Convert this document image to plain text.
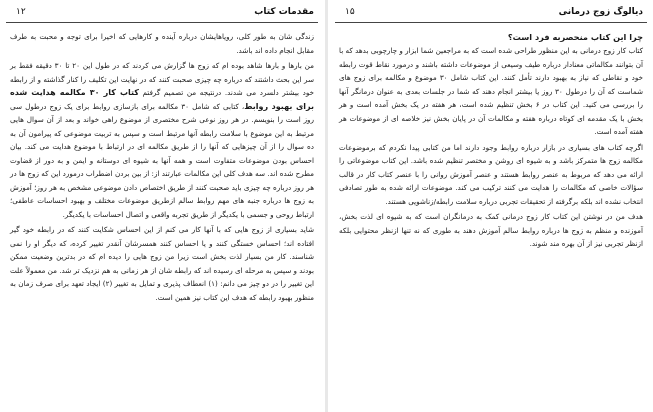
مقدمات کتاب
۱۲

زندگی شان به طور کلی، رویاهایشان درباره آینده و کارهایی که اخیرا برای توجه و محبت به طرف مقابل انجام داده اند باشد.

من بارها و بارها شاهد بوده ام که زوج ها گزارش می کردند که در طول این ۲۰ تا ۳۰ دقیقه فقط بر سر این بحث داشتند که درباره چه چیزی صحبت کنند که در نهایت این تکلیف را کنار گذاشته و از رابطه خود بیشتر دلسرد می شدند. درنتیجه من تصمیم گرفتم کتاب کار ۳۰ مکالمه هدایت شده برای بهبود روابط، کتابی که شامل ۳۰ مکالمه برای بازسازی روابط برای یک زوج درطول سی روز است را بنویسم. در هر روز نوعی شرح مختصری از موضوع راهی خواند و بعد از آن سوال هایی مرتبط به این موضوع با سلامت رابطه آنها مرتبط است و سپس به تربیت موضوعی که پیرامون آن به ده سوال را از آن چیزهایی که آنها را از طریق مکالمه ای در ارتباط با موضوع هدایت می کند. بیان احساس بودن موضوعات متفاوت است و همه آنها به شیوه ای دوستانه و ایمن و به دور از قضاوت مطرح شده اند. سه هدف کلی این مکالمات عبارتند از: از بین بردن اضطراب درمورد این که زوج ها در هر روز درباره چه چیزی باید صحبت کنند از طریق اختصاص دادن موضوعی مشخص به هر روز؛ آموزش به زوج ها درباره جنبه های مهم روابط سالم ازطریق موضوعات مختلف و بهبود احساسات عاطفی؛ ارتباط روحی و جسمی با یکدیگر از طریق تجربه واقعی و اتصال احساسات با یکدیگر.

شاید بسیاری از زوج هایی که با آنها کار می کنم از این احساس شکایت کنند که در رابطه خود گیر افتاده اند؛ احساس خستگی کنند و یا احساس کنند همسرشان آنقدر تغییر کرده، که دیگر او را نمی شناسند. کار من بسیار لذت بخش است زیرا من زوج هایی را دیده ام که در بدترین وضعیت ممکن بودند و سپس به مرحله ای رسیده اند که رابطه شان از هر زمانی به هم نزدیک تر شد. من معمولاً علت این تغییر را در دو چیز می دانم: (۱) انعطاف پذیری و تمایل به تغییر (۲) ایجاد تعهد برای صرف زمان به منظور بهبود رابطه که هدف این کتاب نیز همین است.

دیالوگ زوج درمانی
۱۵

چرا این کتاب منحصربه فرد است؟

کتاب کار زوج درمانی به این منظور طراحی شده است که به مراجعین شما ابزار و چارچوبی بدهد که با آن بتوانند مکالماتی معنادار درباره طیف وسیعی از موضوعات داشته باشند و درمورد نقاط قوت رابطه خود و نقاطی که نیاز به بهبود دارند تأمل کنند. این کتاب شامل ۳۰ موضوع و مکالمه برای زوج های شماست که آن را درطول ۳۰ روز یا بیشتر انجام دهند که شما در جلسات بعدی به عنوان درمانگر آنها را بررسی می کنید. این کتاب در ۶ بخش تنظیم شده است، هر هفته در یک بخش آمده است و هر بخش با یک مقدمه ای کوتاه درباره هفته و مکالمات آن در پایان بخش نیز خلاصه ای از موضوعات هر هفته آمده است.

اگرچه کتاب های بسیاری در بازار درباره روابط وجود دارند اما من کتابی پیدا نکردم که برموضوعات مکالمه زوج ها متمرکز باشد و به شیوه ای روشن و مختصر تنظیم شده باشد. این کتاب موضوعاتی را ارائه می دهد که مربوط به عنصر روابط هستند و عنصر آموزش روانی را با عنصر کتاب کار در قالب سؤالات خاصی که مکالمات را هدایت می کنند ترکیب می کند. موضوعات ارائه شده به طور تصادفی انتخاب نشده اند بلکه برگرفته از تحقیقات تجربی درباره سلامت رابطه/زناشویی هستند.

هدف من در نوشتن این کتاب کار زوج درمانی کمک به درمانگران است که به شیوه ای لذت بخش، آموزنده و منظم به زوج ها درباره روابط سالم آموزش دهند به طوری که نه تنها ازنظر محتوایی بلکه ازنظر تجربی نیز از آن بهره مند شوند.
